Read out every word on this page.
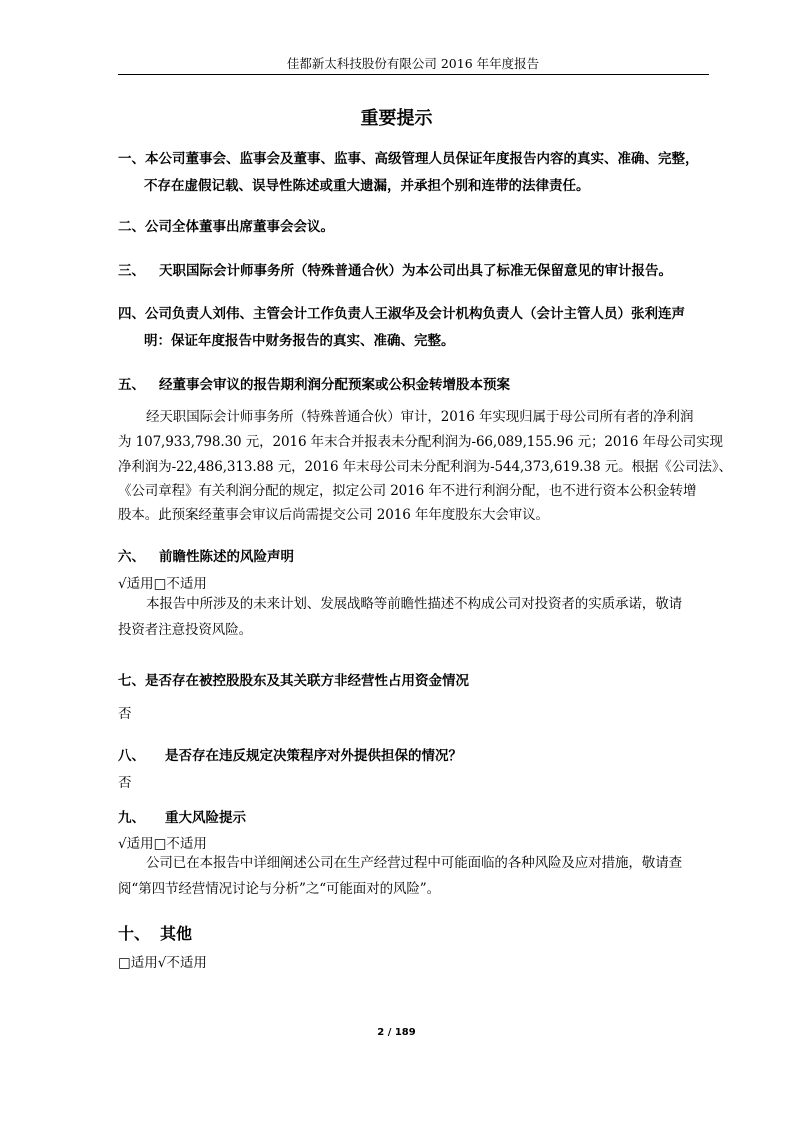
佳都新太科技股份有限公司 2016 年年度报告
重要提示
一、本公司董事会、监事会及董事、监事、高级管理人员保证年度报告内容的真实、准确、完整，
不存在虚假记载、误导性陈述或重大遗漏，并承担个别和连带的法律责任。
二、公司全体董事出席董事会会议。
三、 天职国际会计师事务所（特殊普通合伙）为本公司出具了标准无保留意见的审计报告。
四、公司负责人刘伟、主管会计工作负责人王淑华及会计机构负责人（会计主管人员）张利连声
明：保证年度报告中财务报告的真实、准确、完整。
五、 经董事会审议的报告期利润分配预案或公积金转增股本预案
经天职国际会计师事务所（特殊普通合伙）审计，2016 年实现归属于母公司所有者的净利润
为 107,933,798.30 元，2016 年末合并报表未分配利润为-66,089,155.96 元；2016 年母公司实现
净利润为-22,486,313.88 元，2016 年末母公司未分配利润为-544,373,619.38 元。根据《公司法》、
《公司章程》有关利润分配的规定，拟定公司 2016 年不进行利润分配，也不进行资本公积金转增
股本。此预案经董事会审议后尚需提交公司 2016 年年度股东大会审议。
六、 前瞻性陈述的风险声明
√适用□不适用
本报告中所涉及的未来计划、发展战略等前瞻性描述不构成公司对投资者的实质承诺，敬请
投资者注意投资风险。
七、是否存在被控股股东及其关联方非经营性占用资金情况
否
八、 是否存在违反规定决策程序对外提供担保的情况？
否
九、 重大风险提示
√适用□不适用
公司已在本报告中详细阐述公司在生产经营过程中可能面临的各种风险及应对措施，敬请查
阅“第四节经营情况讨论与分析”之“可能面对的风险”。
十、 其他
□适用√不适用
2 / 189
